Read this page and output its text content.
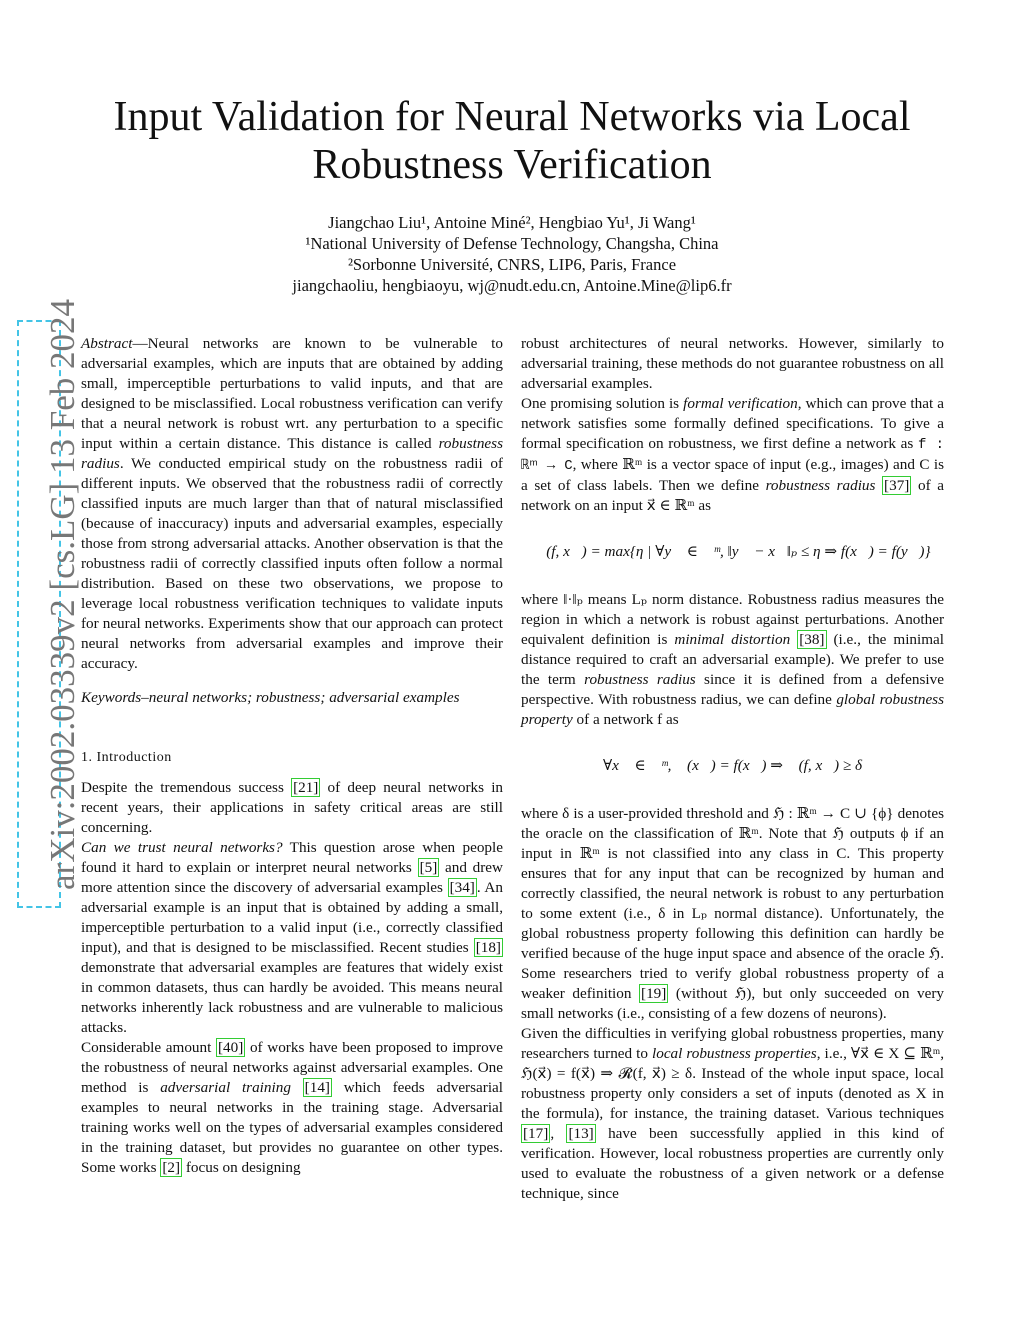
arXiv:2002.03339v2 [cs.LG] 13 Feb 2024
Input Validation for Neural Networks via Local
Robustness Verification
Jiangchao Liu¹, Antoine Miné², Hengbiao Yu¹, Ji Wang¹
¹National University of Defense Technology, Changsha, China
²Sorbonne Université, CNRS, LIP6, Paris, France
jiangchaoliu, hengbiaoyu, wj@nudt.edu.cn, Antoine.Mine@lip6.fr

Abstract—Neural networks are known to be vulnerable to adversarial examples, which are inputs that are obtained by adding small, imperceptible perturbations to valid inputs, and that are designed to be misclassified. Local robustness verification can verify that a neural network is robust wrt. any perturbation to a specific input within a certain distance. This distance is called robustness radius. We conducted empirical study on the robustness radii of different inputs. We observed that the robustness radii of correctly classified inputs are much larger than that of natural misclassified (because of inaccuracy) inputs and adversarial examples, especially those from strong adversarial attacks. Another observation is that the robustness radii of correctly classified inputs often follow a normal distribution. Based on these two observations, we propose to leverage local robustness verification techniques to validate inputs for neural networks. Experiments show that our approach can protect neural networks from adversarial examples and improve their accuracy.

Keywords–neural networks; robustness; adversarial examples

1. Introduction

Despite the tremendous success [21] of deep neural networks in recent years, their applications in safety critical areas are still concerning.

Can we trust neural networks? This question arose when people found it hard to explain or interpret neural networks [5] and drew more attention since the discovery of adversarial examples [34] . An adversarial example is an input that is obtained by adding a small, imperceptible perturbation to a valid input (i.e., correctly classified input), and that is designed to be misclassified. Recent studies [18] demonstrate that adversarial examples are features that widely exist in common datasets, thus can hardly be avoided. This means neural networks inherently lack robustness and are vulnerable to malicious attacks.

Considerable amount [40] of works have been proposed to improve the robustness of neural networks against adversarial examples. One method is adversarial training [14] which feeds adversarial examples to neural networks in the training stage. Adversarial training works well on the types of adversarial examples considered in the training dataset, but provides no guarantee on other types. Some works [2] focus on designing

robust architectures of neural networks. However, similarly to adversarial training, these methods do not guarantee robustness on all adversarial examples.

One promising solution is formal verification, which can prove that a network satisfies some formally defined specifications. To give a formal specification on robustness, we first define a network as f : ℝᵐ → C, where ℝᵐ is a vector space of input (e.g., images) and C is a set of class labels. Then we define robustness radius [37] of a network on an input x⃗ ∈ ℝᵐ as

𝓡(f, x⃗) = max{η | ∀y⃗ ∈ ℝᵐ, ‖y⃗ − x⃗‖ₚ ≤ η ⇒ f(x⃗) = f(y⃗)}

where ‖·‖ₚ means Lₚ norm distance. Robustness radius measures the region in which a network is robust against perturbations. Another equivalent definition is minimal distortion [38] (i.e., the minimal distance required to craft an adversarial example). We prefer to use the term robustness radius since it is defined from a defensive perspective. With robustness radius, we can define global robustness property of a network f as

∀x⃗ ∈ ℝᵐ, ℌ(x⃗) = f(x⃗) ⇒ 𝓡(f, x⃗) ≥ δ

where δ is a user-provided threshold and ℌ : ℝᵐ → C ∪ {ϕ} denotes the oracle on the classification of ℝᵐ. Note that ℌ outputs ϕ if an input in ℝᵐ is not classified into any class in C. This property ensures that for any input that can be recognized by human and correctly classified, the neural network is robust to any perturbation to some extent (i.e., δ in Lₚ normal distance). Unfortunately, the global robustness property following this definition can hardly be verified because of the huge input space and absence of the oracle ℌ. Some researchers tried to verify global robustness property of a weaker definition [19] (without ℌ), but only succeeded on very small networks (i.e., consisting of a few dozens of neurons).

Given the difficulties in verifying global robustness properties, many researchers turned to local robustness properties, i.e., ∀x⃗ ∈ X ⊆ ℝᵐ, ℌ(x⃗) = f(x⃗) ⇒ 𝓡(f, x⃗) ≥ δ. Instead of the whole input space, local robustness property only considers a set of inputs (denoted as X in the formula), for instance, the training dataset. Various techniques [17] , [13] have been successfully applied in this kind of verification. However, local robustness properties are currently only used to evaluate the robustness of a given network or a defense technique, since
